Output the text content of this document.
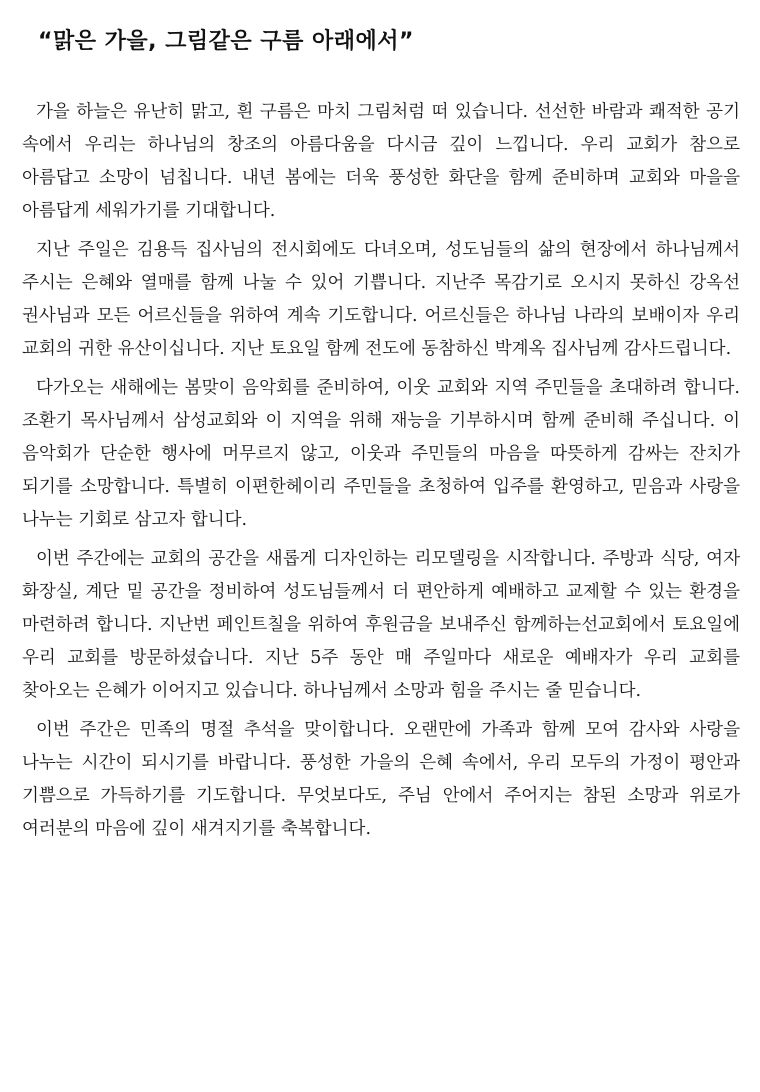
“맑은 가을, 그림같은 구름 아래에서”

가을 하늘은 유난히 맑고, 흰 구름은 마치 그림처럼 떠 있습니다. 선선한 바람과 쾌적한 공기 속에서 우리는 하나님의 창조의 아름다움을 다시금 깊이 느낍니다. 우리 교회가 참으로 아름답고 소망이 넘칩니다. 내년 봄에는 더욱 풍성한 화단을 함께 준비하며 교회와 마을을 아름답게 세워가기를 기대합니다.

지난 주일은 김용득 집사님의 전시회에도 다녀오며, 성도님들의 삶의 현장에서 하나님께서 주시는 은혜와 열매를 함께 나눌 수 있어 기쁩니다. 지난주 목감기로 오시지 못하신 강옥선 권사님과 모든 어르신들을 위하여 계속 기도합니다. 어르신들은 하나님 나라의 보배이자 우리 교회의 귀한 유산이십니다. 지난 토요일 함께 전도에 동참하신 박계옥 집사님께 감사드립니다.

다가오는 새해에는 봄맞이 음악회를 준비하여, 이웃 교회와 지역 주민들을 초대하려 합니다. 조환기 목사님께서 삼성교회와 이 지역을 위해 재능을 기부하시며 함께 준비해 주십니다. 이 음악회가 단순한 행사에 머무르지 않고, 이웃과 주민들의 마음을 따뜻하게 감싸는 잔치가 되기를 소망합니다. 특별히 이편한헤이리 주민들을 초청하여 입주를 환영하고, 믿음과 사랑을 나누는 기회로 삼고자 합니다.

이번 주간에는 교회의 공간을 새롭게 디자인하는 리모델링을 시작합니다. 주방과 식당, 여자 화장실, 계단 밑 공간을 정비하여 성도님들께서 더 편안하게 예배하고 교제할 수 있는 환경을 마련하려 합니다. 지난번 페인트칠을 위하여 후원금을 보내주신 함께하는선교회에서 토요일에 우리 교회를 방문하셨습니다. 지난 5주 동안 매 주일마다 새로운 예배자가 우리 교회를 찾아오는 은혜가 이어지고 있습니다. 하나님께서 소망과 힘을 주시는 줄 믿습니다.

이번 주간은 민족의 명절 추석을 맞이합니다. 오랜만에 가족과 함께 모여 감사와 사랑을 나누는 시간이 되시기를 바랍니다. 풍성한 가을의 은혜 속에서, 우리 모두의 가정이 평안과 기쁨으로 가득하기를 기도합니다. 무엇보다도, 주님 안에서 주어지는 참된 소망과 위로가 여러분의 마음에 깊이 새겨지기를 축복합니다.
